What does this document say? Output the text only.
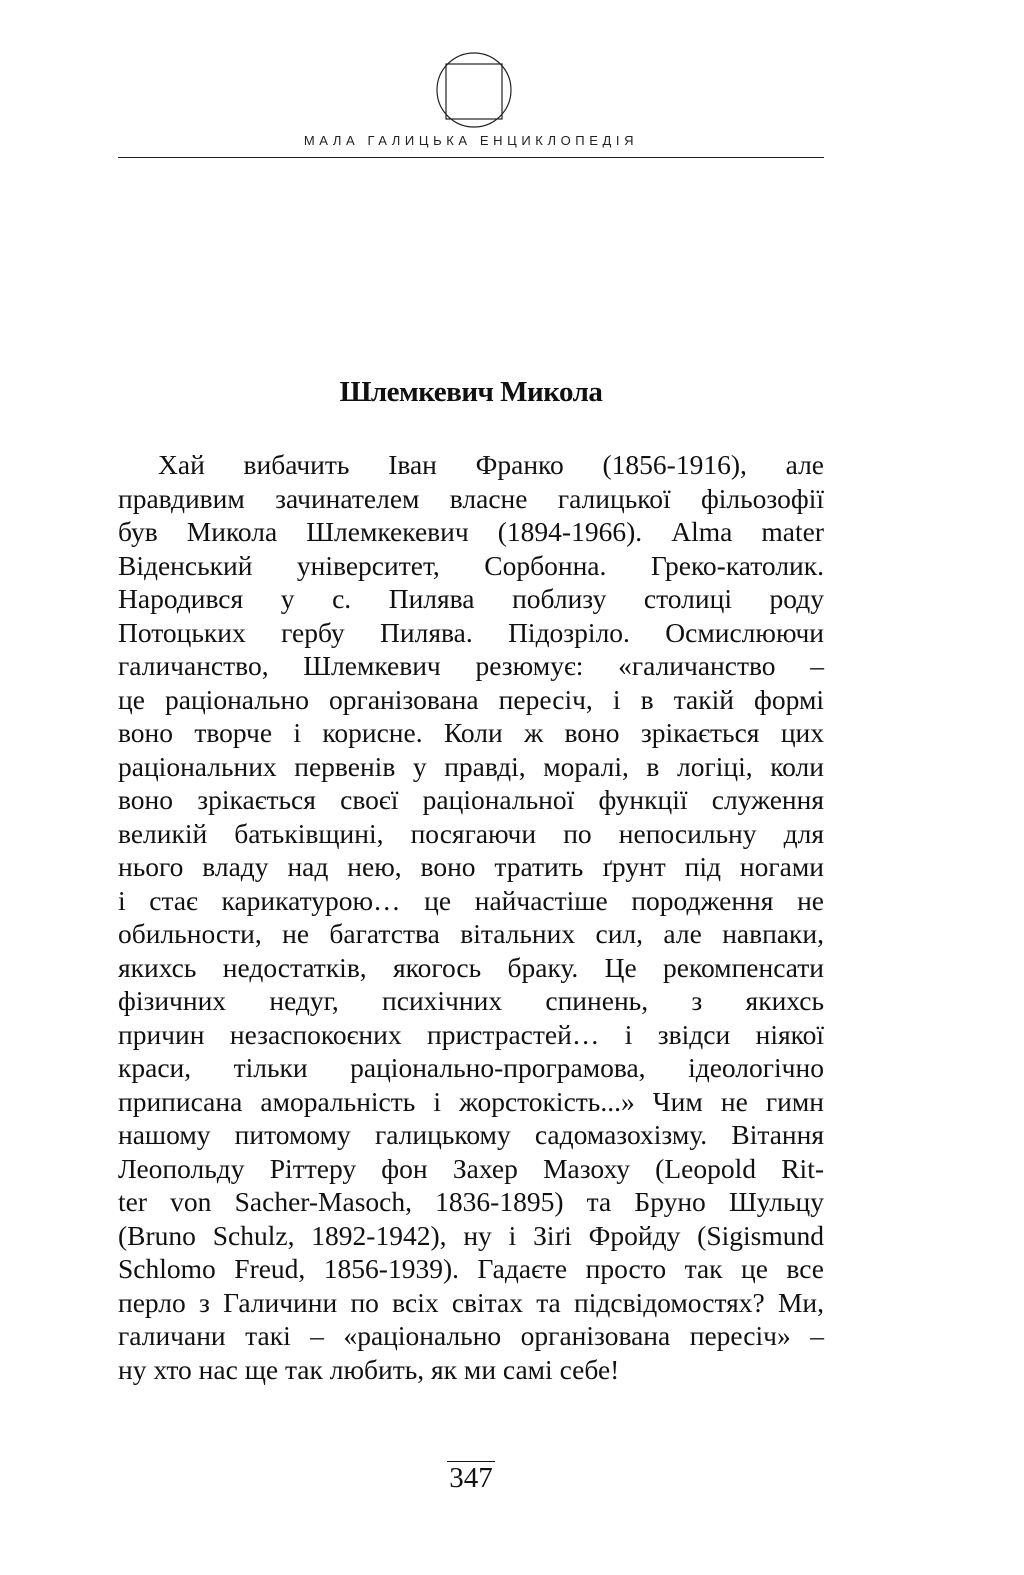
МАЛА ГАЛИЦЬКА ЕНЦИКЛОПЕДІЯ
Шлемкевич Микола
Хай вибачить Іван Франко (1856-1916), але
правдивим зачинателем власне галицької фільозофії
був Микола Шлемкекевич (1894-1966). Alma mater
Віденський університет, Сорбонна. Греко-католик.
Народився у с. Пилява поблизу столиці роду
Потоцьких гербу Пилява. Підозріло. Осмислюючи
галичанство, Шлемкевич резюмує: «галичанство –
це раціонально організована пересіч, і в такій формі
воно творче і корисне. Коли ж воно зрікається цих
раціональних первенів у правді, моралі, в логіці, коли
воно зрікається своєї раціональної функції служення
великій батьківщині, посягаючи по непосильну для
нього владу над нею, воно тратить ґрунт під ногами
і стає карикатурою… це найчастіше породження не
обильности, не багатства вітальних сил, але навпаки,
якихсь недостатків, якогось браку. Це рекомпенсати
фізичних недуг, психічних спинень, з якихсь
причин незаспокоєних пристрастей… і звідси ніякої
краси, тільки раціонально-програмова, ідеологічно
приписана аморальність і жорстокість...» Чим не гимн
нашому питомому галицькому садомазохізму. Вітання
Леопольду Ріттеру фон Захер Мазоху (Leopold Rit-
ter von Sacher-Masoch, 1836-1895) та Бруно Шульцу
(Bruno Schulz, 1892-1942), ну і Зіґі Фройду (Sigismund
Schlomo Freud, 1856-1939). Гадаєте просто так це все
перло з Галичини по всіх світах та підсвідомостях? Ми,
галичани такі – «раціонально організована пересіч» –
ну хто нас ще так любить, як ми самі себе!
347
